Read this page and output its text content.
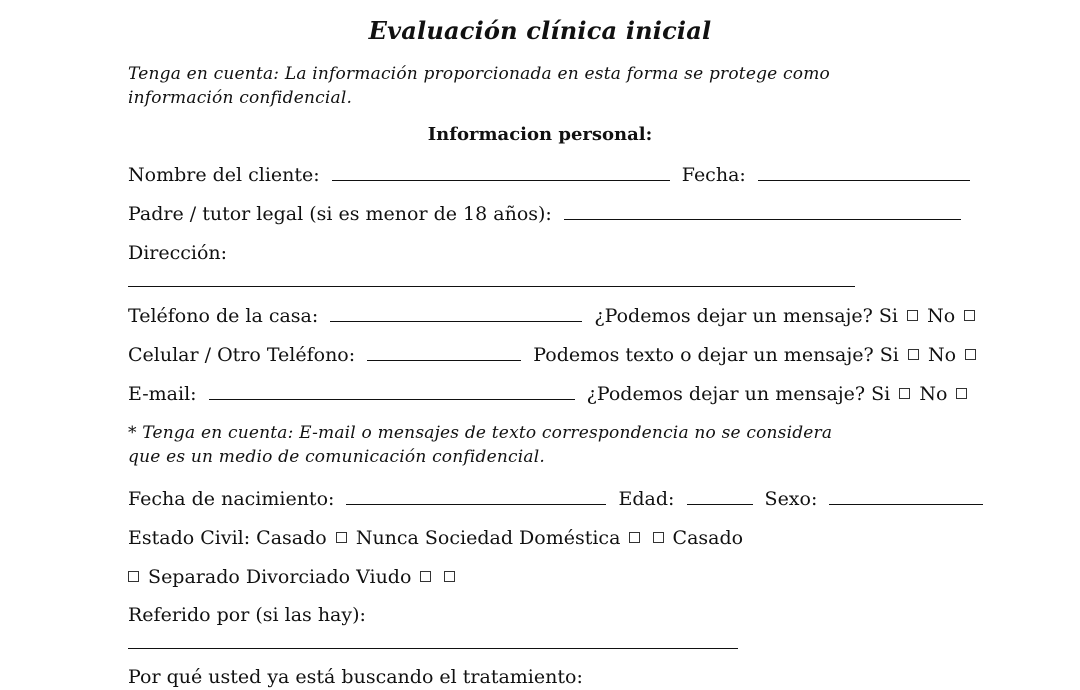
Evaluación clínica inicial
Tenga en cuenta: La información proporcionada en esta forma se protege como
información confidencial.
Informacion personal:
Nombre del cliente:	Fecha:
Padre / tutor legal (si es menor de 18 años):
Dirección:
Teléfono de la casa:	¿Podemos dejar un mensaje? Si No
Celular / Otro Teléfono:	Podemos texto o dejar un mensaje? Si No
E-mail:	¿Podemos dejar un mensaje? Si No
* Tenga en cuenta: E-mail o mensajes de texto correspondencia no se considera
que es un medio de comunicación confidencial.
Fecha de nacimiento:	Edad:	Sexo:
Estado Civil: Casado Nunca Sociedad Doméstica	Casado
Separado Divorciado Viudo
Referido por (si las hay):
Por qué usted ya está buscando el tratamiento:
